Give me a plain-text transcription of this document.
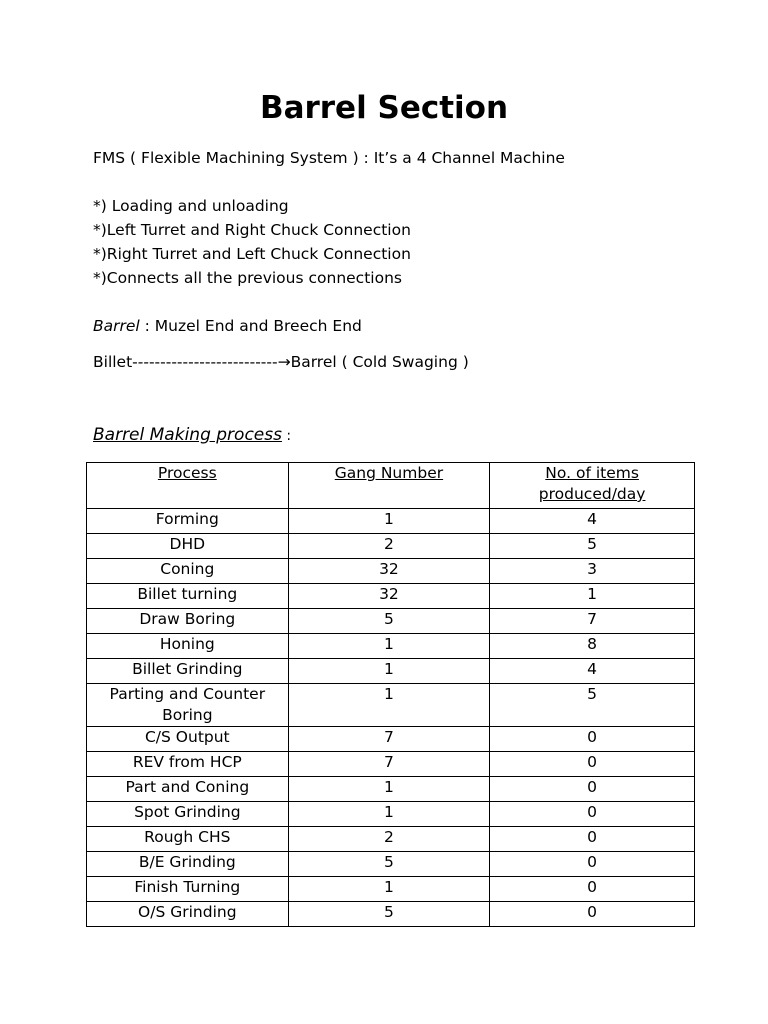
Barrel Section
FMS ( Flexible Machining System ) : It’s a 4 Channel Machine
*) Loading and unloading
*)Left Turret and Right Chuck Connection
*)Right Turret and Left Chuck Connection
*)Connects all the previous connections
Barrel : Muzel End and Breech End
Billet--------------------------→Barrel ( Cold Swaging )
Barrel Making process :
Process	Gang Number	No. of items produced/day
Forming	1	4
DHD	2	5
Coning	32	3
Billet turning	32	1
Draw Boring	5	7
Honing	1	8
Billet Grinding	1	4
Parting and Counter Boring	1	5
C/S Output	7	0
REV from HCP	7	0
Part and Coning	1	0
Spot Grinding	1	0
Rough CHS	2	0
B/E Grinding	5	0
Finish Turning	1	0
O/S Grinding	5	0
